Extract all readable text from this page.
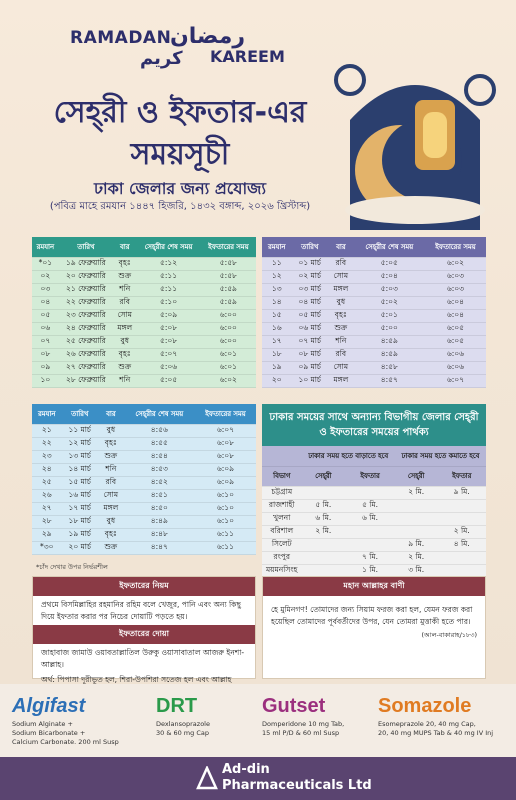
رمضان
RAMADAN
كريم KAREEM
সেহ্‌রী ও ইফতার-এর
সময়সূচী
ঢাকা জেলার জন্য প্রযোজ্য
(পবিত্র মাহে রমযান ১৪৪৭ হিজরি, ১৪৩২ বঙ্গাব্দ, ২০২৬ খ্রিস্টাব্দ)
রমযান	তারিখ	বার	সেহ্‌রীর শেষ সময়	ইফতারের সময়
*০১	১৯ ফেব্রুয়ারি	বৃহঃ	৫:১২	৫:৫৮
০২	২০ ফেব্রুয়ারি	শুক্র	৫:১১	৫:৫৮
০৩	২১ ফেব্রুয়ারি	শনি	৫:১১	৫:৫৯
০৪	২২ ফেব্রুয়ারি	রবি	৫:১০	৫:৫৯
০৫	২৩ ফেব্রুয়ারি	সোম	৫:০৯	৬:০০
০৬	২৪ ফেব্রুয়ারি	মঙ্গল	৫:০৮	৬:০০
০৭	২৫ ফেব্রুয়ারি	বুধ	৫:০৮	৬:০০
০৮	২৬ ফেব্রুয়ারি	বৃহঃ	৫:০৭	৬:০১
০৯	২৭ ফেব্রুয়ারি	শুক্র	৫:০৬	৬:০১
১০	২৮ ফেব্রুয়ারি	শনি	৫:০৫	৬:০২
রমযান	তারিখ	বার	সেহ্‌রীর শেষ সময়	ইফতারের সময়
১১	০১ মার্চ	রবি	৫:০৫	৬:০২
১২	০২ মার্চ	সোম	৫:০৪	৬:০৩
১৩	০৩ মার্চ	মঙ্গল	৫:০৩	৬:০৩
১৪	০৪ মার্চ	বুধ	৫:০২	৬:০৪
১৫	০৫ মার্চ	বৃহঃ	৫:০১	৬:০৪
১৬	০৬ মার্চ	শুক্র	৫:০০	৬:০৫
১৭	০৭ মার্চ	শনি	৪:৫৯	৬:০৫
১৮	০৮ মার্চ	রবি	৪:৫৯	৬:০৬
১৯	০৯ মার্চ	সোম	৪:৫৮	৬:০৬
২০	১০ মার্চ	মঙ্গল	৪:৫৭	৬:০৭
রমযান	তারিখ	বার	সেহ্‌রীর শেষ সময়	ইফতারের সময়
২১	১১ মার্চ	বুধ	৪:৫৬	৬:০৭
২২	১২ মার্চ	বৃহঃ	৪:৫৫	৬:০৮
২৩	১৩ মার্চ	শুক্র	৪:৫৪	৬:০৮
২৪	১৪ মার্চ	শনি	৪:৫৩	৬:০৯
২৫	১৫ মার্চ	রবি	৪:৫২	৬:০৯
২৬	১৬ মার্চ	সোম	৪:৫১	৬:১০
২৭	১৭ মার্চ	মঙ্গল	৪:৫০	৬:১০
২৮	১৮ মার্চ	বুধ	৪:৪৯	৬:১০
২৯	১৯ মার্চ	বৃহঃ	৪:৪৮	৬:১১
*৩০	২০ মার্চ	শুক্র	৪:৪৭	৬:১১
ঢাকার সময়ের সাথে অন্যান্য বিভাগীয় জেলার সেহ্‌রী ও ইফতারের সময়ের পার্থক্য
	ঢাকার সময় হতে বাড়াতে হবে		ঢাকার সময় হতে কমাতে হবে	
বিভাগ	সেহ্‌রী	ইফতার	সেহ্‌রী	ইফতার
চট্টগ্রাম			২ মি.	৯ মি.
রাজশাহী	৫ মি.	৫ মি.		
খুলনা	৬ মি.	৬ মি.		
বরিশাল	২ মি.			২ মি.
সিলেট			৯ মি.	৪ মি.
রংপুর		৭ মি.	২ মি.	
ময়মনসিংহ		১ মি.	৩ মি.	
*চাঁদ দেখার উপর নির্ভরশীল
ইফতারের নিয়ম
প্রথমে বিসমিল্লাহির রহমানির রহিম বলে খেজুর, পানি এবং অন্য কিছু দিয়ে ইফতার করার পর নিচের দোয়াটি পড়তে হয়।
ইফতারের দোয়া
জাহাবাজ জামাউ ওয়াবতাল্লাতিল উরুকু ওয়াসাবাতাল আজরু ইনশা-আল্লাহ।
অর্থ: পিপাসা দূরীভূত হল, শিরা-উপশিরা সতেজ হল এবং আল্লাহ
মহান আল্লাহর বাণী
হে মুমিনগণ! তোমাদের জন্য সিয়াম ফরজ করা হল, যেমন ফরজ করা হয়েছিল তোমাদের পূর্ববর্তীদের উপর, যেন তোমরা মুত্তাকী হতে পার।
(আল-বাকারাহ/১৮৩)
Algifast
Sodium Alginate +
Sodium Bicarbonate +
Calcium Carbonate. 200 ml Susp
DRT
Dexlansoprazole
30 & 60 mg Cap
Gutset
Domperidone 10 mg Tab,
15 ml P/D & 60 ml Susp
Somazole
Esomeprazole 20, 40 mg Cap,
20, 40 mg MUPS Tab & 40 mg IV Inj
Ad-din
Pharmaceuticals Ltd
